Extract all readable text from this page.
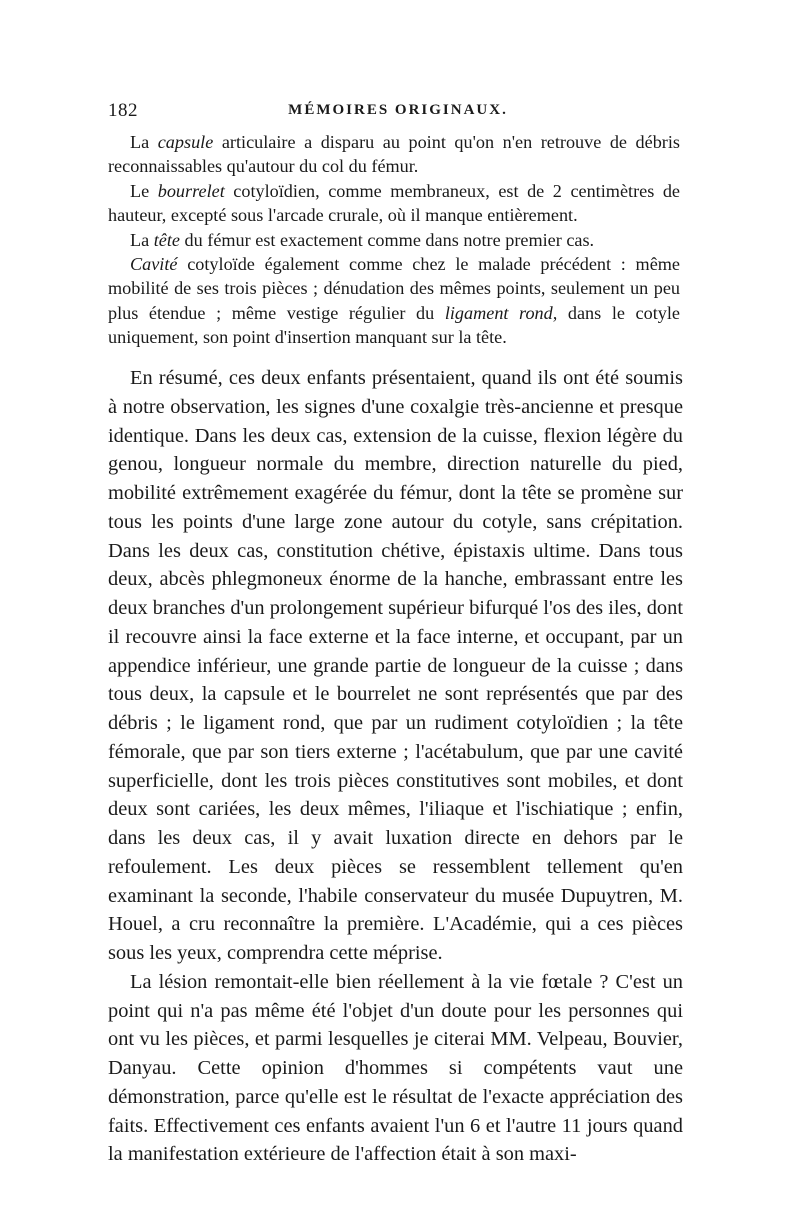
182	MÉMOIRES ORIGINAUX.

La capsule articulaire a disparu au point qu'on n'en retrouve de débris reconnaissables qu'autour du col du fémur.

Le bourrelet cotyloïdien, comme membraneux, est de 2 centimètres de hauteur, excepté sous l'arcade crurale, où il manque entièrement.

La tête du fémur est exactement comme dans notre premier cas.

Cavité cotyloïde également comme chez le malade précédent : même mobilité de ses trois pièces ; dénudation des mêmes points, seulement un peu plus étendue ; même vestige régulier du ligament rond, dans le cotyle uniquement, son point d'insertion manquant sur la tête.

En résumé, ces deux enfants présentaient, quand ils ont été soumis à notre observation, les signes d'une coxalgie très-ancienne et presque identique. Dans les deux cas, extension de la cuisse, flexion légère du genou, longueur normale du membre, direction naturelle du pied, mobilité extrêmement exagérée du fémur, dont la tête se promène sur tous les points d'une large zone autour du cotyle, sans crépitation. Dans les deux cas, constitution chétive, épistaxis ultime. Dans tous deux, abcès phlegmoneux énorme de la hanche, embrassant entre les deux branches d'un prolongement supérieur bifurqué l'os des iles, dont il recouvre ainsi la face externe et la face interne, et occupant, par un appendice inférieur, une grande partie de longueur de la cuisse ; dans tous deux, la capsule et le bourrelet ne sont représentés que par des débris ; le ligament rond, que par un rudiment cotyloïdien ; la tête fémorale, que par son tiers externe ; l'acétabulum, que par une cavité superficielle, dont les trois pièces constitutives sont mobiles, et dont deux sont cariées, les deux mêmes, l'iliaque et l'ischiatique ; enfin, dans les deux cas, il y avait luxation directe en dehors par le refoulement. Les deux pièces se ressemblent tellement qu'en examinant la seconde, l'habile conservateur du musée Dupuytren, M. Houel, a cru reconnaître la première. L'Académie, qui a ces pièces sous les yeux, comprendra cette méprise.

La lésion remontait-elle bien réellement à la vie fœtale ? C'est un point qui n'a pas même été l'objet d'un doute pour les personnes qui ont vu les pièces, et parmi lesquelles je citerai MM. Velpeau, Bouvier, Danyau. Cette opinion d'hommes si compétents vaut une démonstration, parce qu'elle est le résultat de l'exacte appréciation des faits. Effectivement ces enfants avaient l'un 6 et l'autre 11 jours quand la manifestation extérieure de l'affection était à son maxi-
